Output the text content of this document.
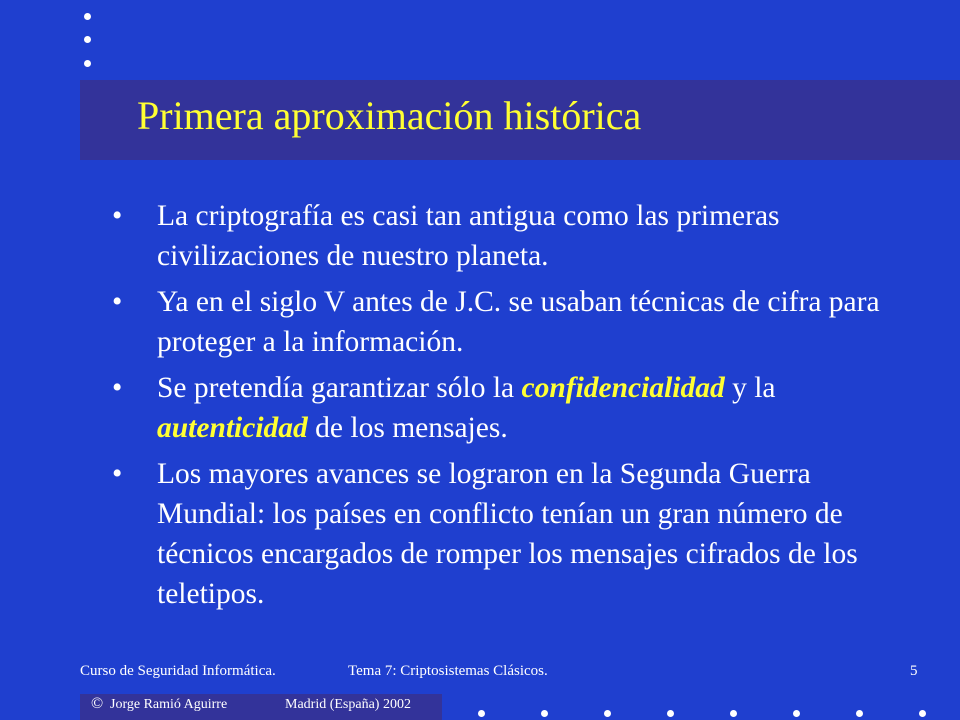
Primera aproximación histórica
• La criptografía es casi tan antigua como las primeras civilizaciones de nuestro planeta.
• Ya en el siglo V antes de J.C. se usaban técnicas de cifra para proteger a la información.
• Se pretendía garantizar sólo la confidencialidad y la autenticidad de los mensajes.
• Los mayores avances se lograron en la Segunda Guerra Mundial: los países en conflicto tenían un gran número de técnicos encargados de romper los mensajes cifrados de los teletipos.
Curso de Seguridad Informática.	Tema 7: Criptosistemas Clásicos.	5
© Jorge Ramió Aguirre	Madrid (España) 2002
